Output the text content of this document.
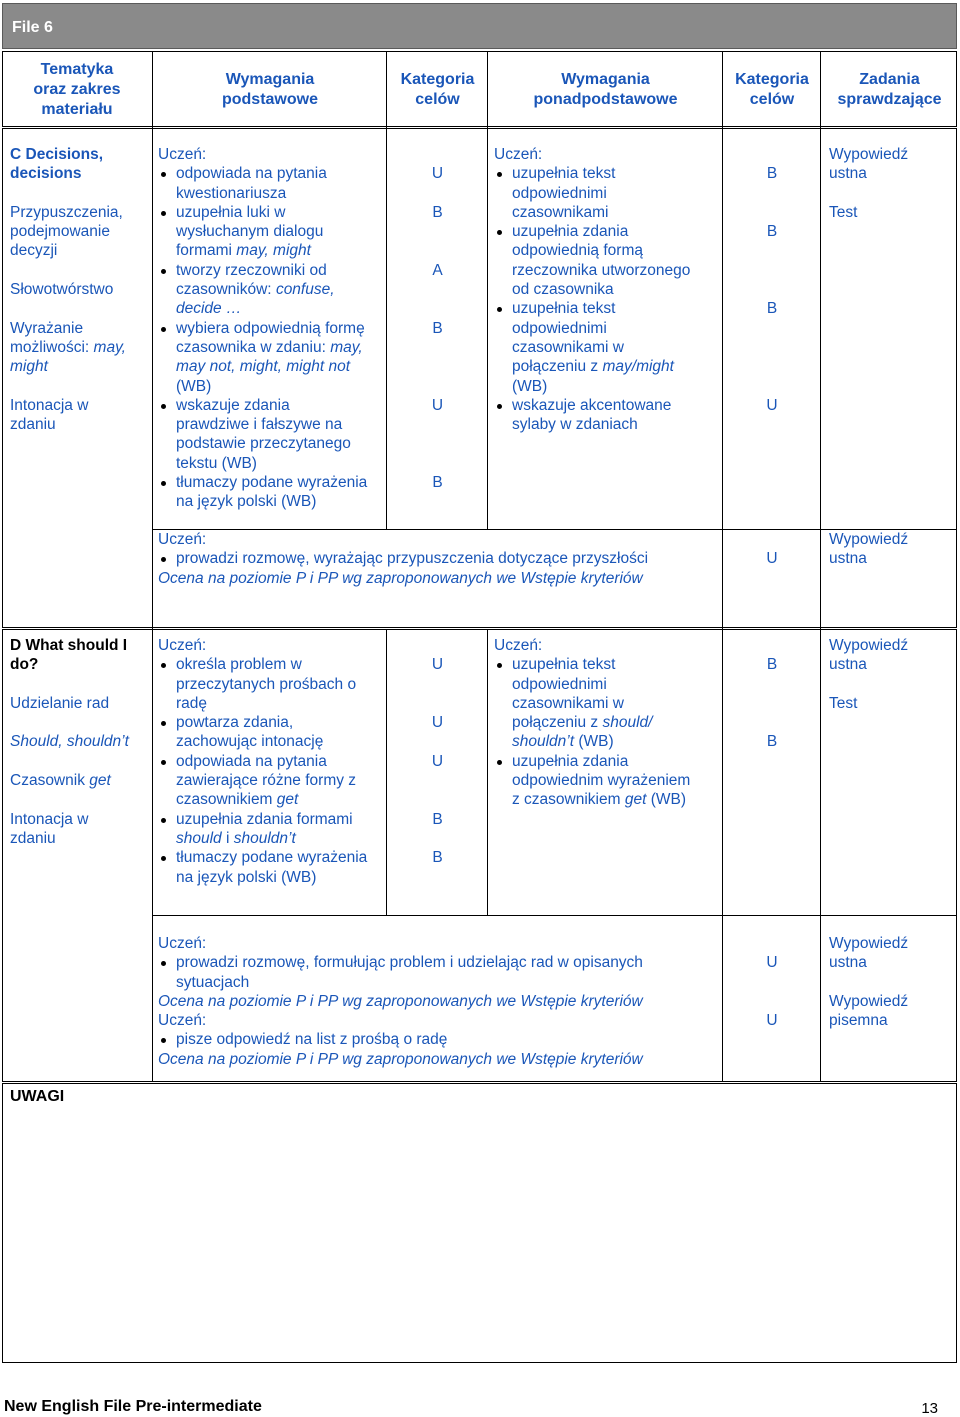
File 6
Tematyka
oraz zakres
materiału
Wymagania
podstawowe
Kategoria
celów
Wymagania
ponadpodstawowe
Kategoria
celów
Zadania
sprawdzające
C Decisions,
decisions
Przypuszczenia,
podejmowanie
decyzji
Słowotwórstwo
Wyrażanie
możliwości: may,
might
Intonacja w
zdaniu
Uczeń:
odpowiada na pytania
kwestionariusza
uzupełnia luki w
wysłuchanym dialogu
formami may, might
tworzy rzeczowniki od
czasowników: confuse,
decide …
wybiera odpowiednią formę
czasownika w zdaniu: may,
may not, might, might not
(WB)
wskazuje zdania
prawdziwe i fałszywe na
podstawie przeczytanego
tekstu (WB)
tłumaczy podane wyrażenia
na język polski (WB)
U
B
A
B
U
B
Uczeń:
uzupełnia tekst
odpowiednimi
czasownikami
uzupełnia zdania
odpowiednią formą
rzeczownika utworzonego
od czasownika
uzupełnia tekst
odpowiednimi
czasownikami w
połączeniu z may/might
(WB)
wskazuje akcentowane
sylaby w zdaniach
B
B
B
U
Wypowiedź
ustna
Test
Uczeń:
prowadzi rozmowę, wyrażając przypuszczenia dotyczące przyszłości
Ocena na poziomie P i PP wg zaproponowanych we Wstępie kryteriów
U
Wypowiedź
ustna
D What should I
do?
Udzielanie rad
Should, shouldn’t
Czasownik get
Intonacja w
zdaniu
Uczeń:
określa problem w
przeczytanych prośbach o
radę
powtarza zdania,
zachowując intonację
odpowiada na pytania
zawierające różne formy z
czasownikiem get
uzupełnia zdania formami
should i shouldn’t
tłumaczy podane wyrażenia
na język polski (WB)
U
U
U
B
B
Uczeń:
uzupełnia tekst
odpowiednimi
czasownikami w
połączeniu z should/
shouldn’t (WB)
uzupełnia zdania
odpowiednim wyrażeniem
z czasownikiem get (WB)
B
B
Wypowiedź
ustna
Test
Uczeń:
prowadzi rozmowę, formułując problem i udzielając rad w opisanych
sytuacjach
Ocena na poziomie P i PP wg zaproponowanych we Wstępie kryteriów
Uczeń:
pisze odpowiedź na list z prośbą o radę
Ocena na poziomie P i PP wg zaproponowanych we Wstępie kryteriów
U
U
Wypowiedź
ustna
Wypowiedź
pisemna
UWAGI
New English File Pre-intermediate	13
